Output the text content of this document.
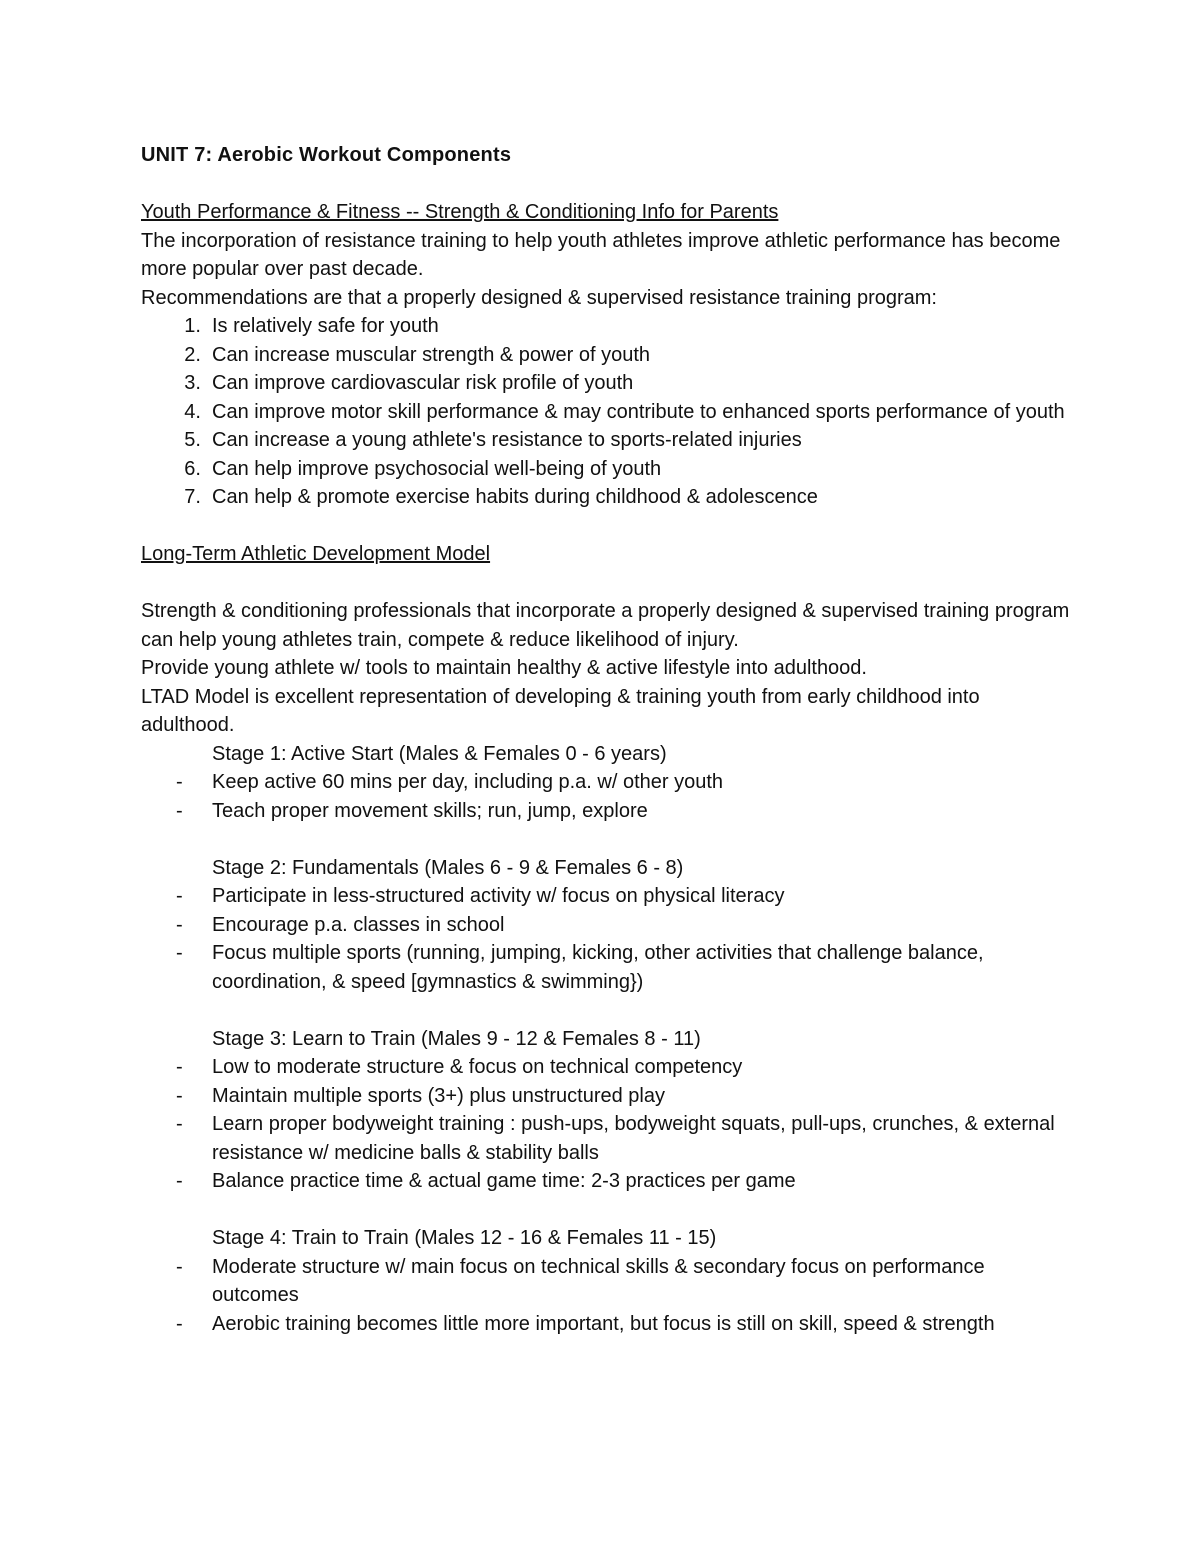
UNIT 7: Aerobic Workout Components

Youth Performance & Fitness -- Strength & Conditioning Info for Parents

The incorporation of resistance training to help youth athletes improve athletic performance has become more popular over past decade.

Recommendations are that a properly designed & supervised resistance training program:

1. Is relatively safe for youth
2. Can increase muscular strength & power of youth
3. Can improve cardiovascular risk profile of youth
4. Can improve motor skill performance & may contribute to enhanced sports performance of youth
5. Can increase a young athlete's resistance to sports-related injuries
6. Can help improve psychosocial well-being of youth
7. Can help & promote exercise habits during childhood & adolescence

Long-Term Athletic Development Model

Strength & conditioning professionals that incorporate a properly designed & supervised training program can help young athletes train, compete & reduce likelihood of injury.

Provide young athlete w/ tools to maintain healthy & active lifestyle into adulthood.

LTAD Model is excellent representation of developing & training youth from early childhood into adulthood.

Stage 1: Active Start (Males & Females 0 - 6 years)
- Keep active 60 mins per day, including p.a. w/ other youth
- Teach proper movement skills; run, jump, explore
Stage 2: Fundamentals (Males 6 - 9 & Females 6 - 8)
- Participate in less-structured activity w/ focus on physical literacy
- Encourage p.a. classes in school
- Focus multiple sports (running, jumping, kicking, other activities that challenge balance, coordination, & speed [gymnastics & swimming})
Stage 3: Learn to Train (Males 9 - 12 & Females 8 - 11)
- Low to moderate structure & focus on technical competency
- Maintain multiple sports (3+) plus unstructured play
- Learn proper bodyweight training : push-ups, bodyweight squats, pull-ups, crunches, & external resistance w/ medicine balls & stability balls
- Balance practice time & actual game time: 2-3 practices per game
Stage 4: Train to Train (Males 12 - 16 & Females 11 - 15)
- Moderate structure w/ main focus on technical skills & secondary focus on performance outcomes
- Aerobic training becomes little more important, but focus is still on skill, speed & strength
